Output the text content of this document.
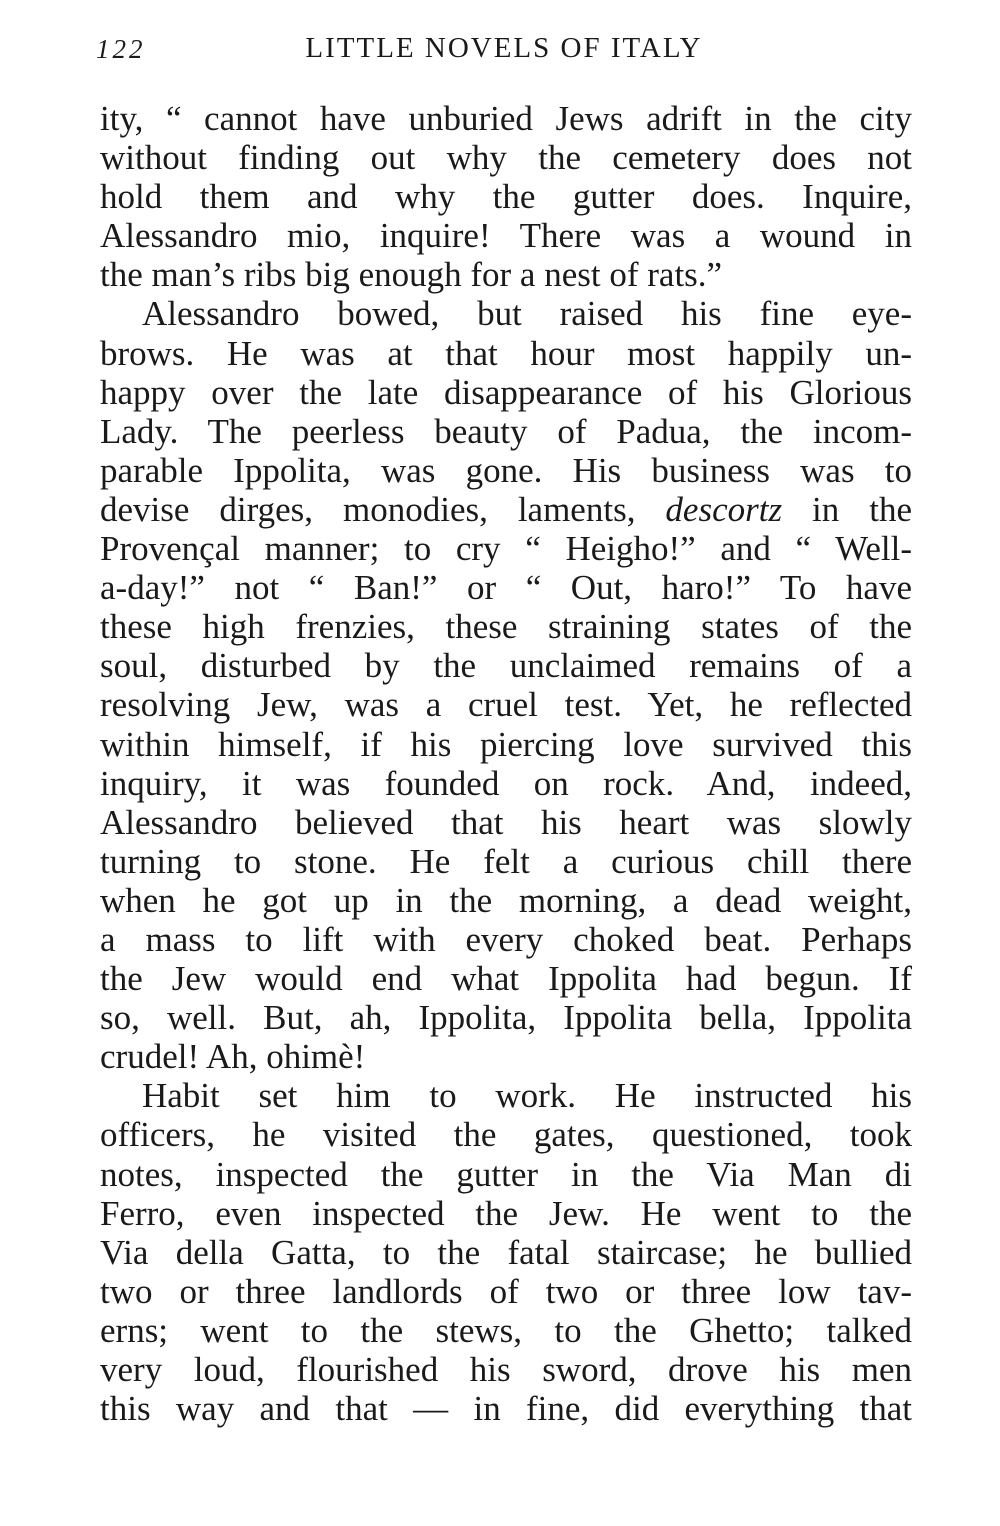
122	LITTLE NOVELS OF ITALY
ity, “ cannot have unburied Jews adrift in the city
without finding out why the cemetery does not
hold them and why the gutter does. Inquire,
Alessandro mio, inquire! There was a wound in
the man’s ribs big enough for a nest of rats.”
Alessandro bowed, but raised his fine eye-
brows. He was at that hour most happily un-
happy over the late disappearance of his Glorious
Lady. The peerless beauty of Padua, the incom-
parable Ippolita, was gone. His business was to
devise dirges, monodies, laments, descortz in the
Provençal manner; to cry “ Heigho!” and “ Well-
a-day!” not “ Ban!” or “ Out, haro!” To have
these high frenzies, these straining states of the
soul, disturbed by the unclaimed remains of a
resolving Jew, was a cruel test. Yet, he reflected
within himself, if his piercing love survived this
inquiry, it was founded on rock. And, indeed,
Alessandro believed that his heart was slowly
turning to stone. He felt a curious chill there
when he got up in the morning, a dead weight,
a mass to lift with every choked beat. Perhaps
the Jew would end what Ippolita had begun. If
so, well. But, ah, Ippolita, Ippolita bella, Ippolita
crudel! Ah, ohimè!
Habit set him to work. He instructed his
officers, he visited the gates, questioned, took
notes, inspected the gutter in the Via Man di
Ferro, even inspected the Jew. He went to the
Via della Gatta, to the fatal staircase; he bullied
two or three landlords of two or three low tav-
erns; went to the stews, to the Ghetto; talked
very loud, flourished his sword, drove his men
this way and that — in fine, did everything that
